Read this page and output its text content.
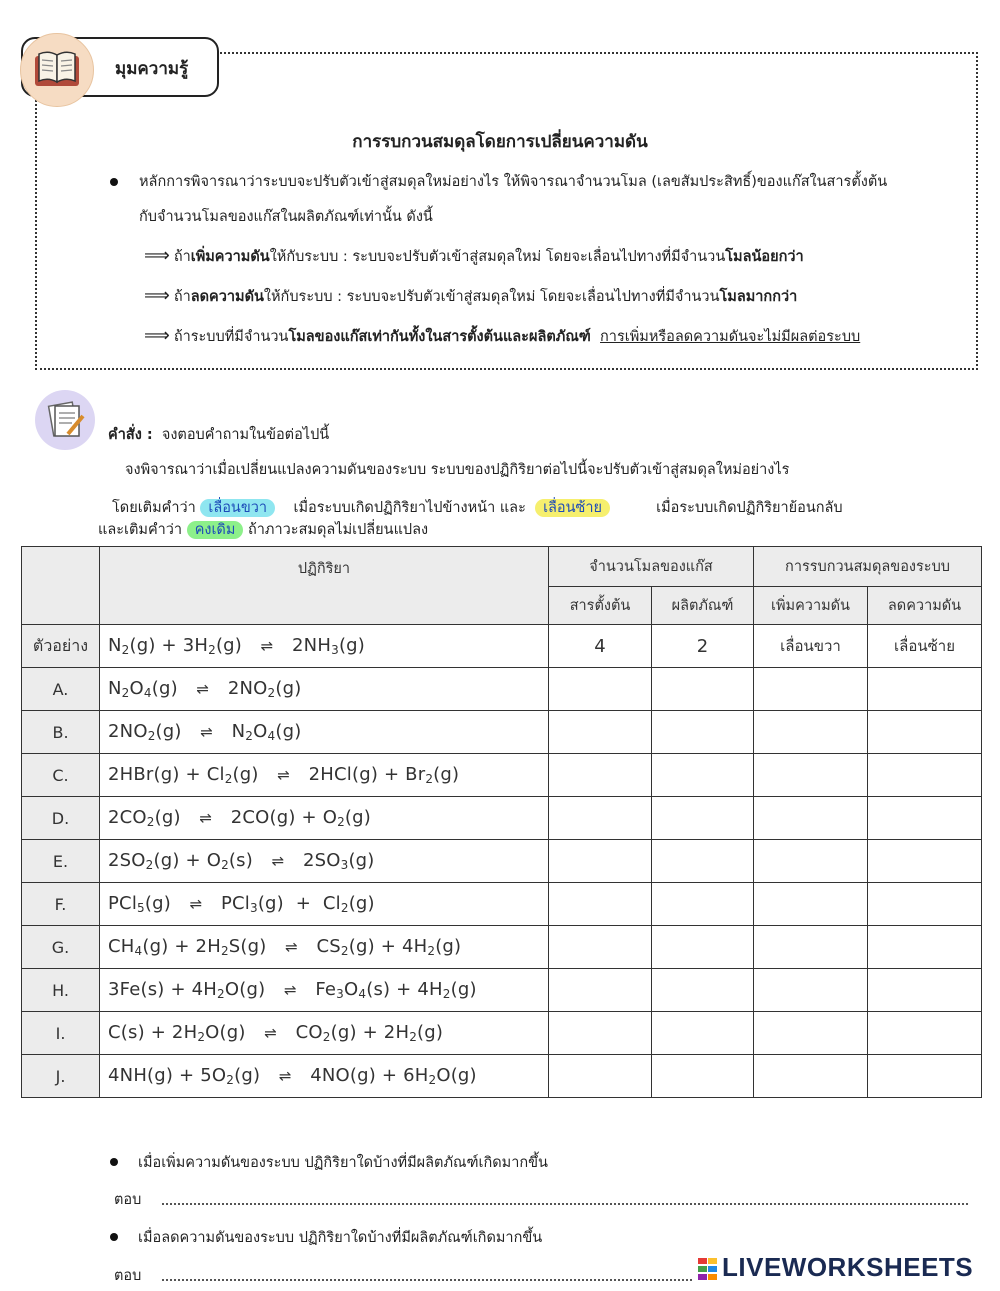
มุมความรู้
การรบกวนสมดุลโดยการเปลี่ยนความดัน
หลักการพิจารณาว่าระบบจะปรับตัวเข้าสู่สมดุลใหม่อย่างไร ให้พิจารณาจำนวนโมล (เลขสัมประสิทธิ์)ของแก๊สในสารตั้งต้น
กับจำนวนโมลของแก๊สในผลิตภัณฑ์เท่านั้น ดังนี้
⟹ ถ้าเพิ่มความดันให้กับระบบ : ระบบจะปรับตัวเข้าสู่สมดุลใหม่ โดยจะเลื่อนไปทางที่มีจำนวนโมลน้อยกว่า
⟹ ถ้าลดความดันให้กับระบบ : ระบบจะปรับตัวเข้าสู่สมดุลใหม่ โดยจะเลื่อนไปทางที่มีจำนวนโมลมากกว่า
⟹ ถ้าระบบที่มีจำนวนโมลของแก๊สเท่ากันทั้งในสารตั้งต้นและผลิตภัณฑ์ การเพิ่มหรือลดความดันจะไม่มีผลต่อระบบ
คำสั่ง : จงตอบคำถามในข้อต่อไปนี้
จงพิจารณาว่าเมื่อเปลี่ยนแปลงความดันของระบบ ระบบของปฏิกิริยาต่อไปนี้จะปรับตัวเข้าสู่สมดุลใหม่อย่างไร
โดยเติมคำว่า เลื่อนขวา เมื่อระบบเกิดปฏิกิริยาไปข้างหน้า และ เลื่อนซ้าย	เมื่อระบบเกิดปฏิกิริยาย้อนกลับ
และเติมคำว่า คงเดิม ถ้าภาวะสมดุลไม่เปลี่ยนแปลง
	ปฏิกิริยา	จำนวนโมลของแก๊ส		การรบกวนสมดุลของระบบ	
		สารตั้งต้น	ผลิตภัณฑ์	เพิ่มความดัน	ลดความดัน
ตัวอย่าง	$N_2(g) + 3H_2(g)$ ⇌ $2NH_3(g)$	4	2	เลื่อนขวา	เลื่อนซ้าย
A.	$N_2O_4(g)$ ⇌ $2NO_2(g)$				
B.	$2NO_2(g)$ ⇌ $N_2O_4(g)$				
C.	$2HBr(g) + Cl_2(g)$ ⇌ $2HCl(g) + Br_2(g)$				
D.	$2CO_2(g)$ ⇌ $2CO(g) + O_2(g)$				
E.	$2SO_2(g) + O_2(s)$ ⇌ $2SO_3(g)$				
F.	PCl$_5$(g) ⇌ $PCl_3(g) + Cl_2(g)$				
G.	$CH_4(g) + 2H_2S(g)$ ⇌ $CS_2(g) + 4H_2(g)$				
H.	$3Fe(s) + 4H_2O(g)$ ⇌ $Fe_3O_4(s) + 4H_2(g)$				
I.	$C(s) + 2H_2O(g)$ ⇌ $CO_2(g) + 2H_2(g)$				
J.	$4NH(g) + 5O_2(g)$ ⇌ $4NO(g) + 6H_2O(g)$				
เมื่อเพิ่มความดันของระบบ ปฏิกิริยาใดบ้างที่มีผลิตภัณฑ์เกิดมากขึ้น
ตอบ
เมื่อลดความดันของระบบ ปฏิกิริยาใดบ้างที่มีผลิตภัณฑ์เกิดมากขึ้น
ตอบ	LIVEWORKSHEETS
